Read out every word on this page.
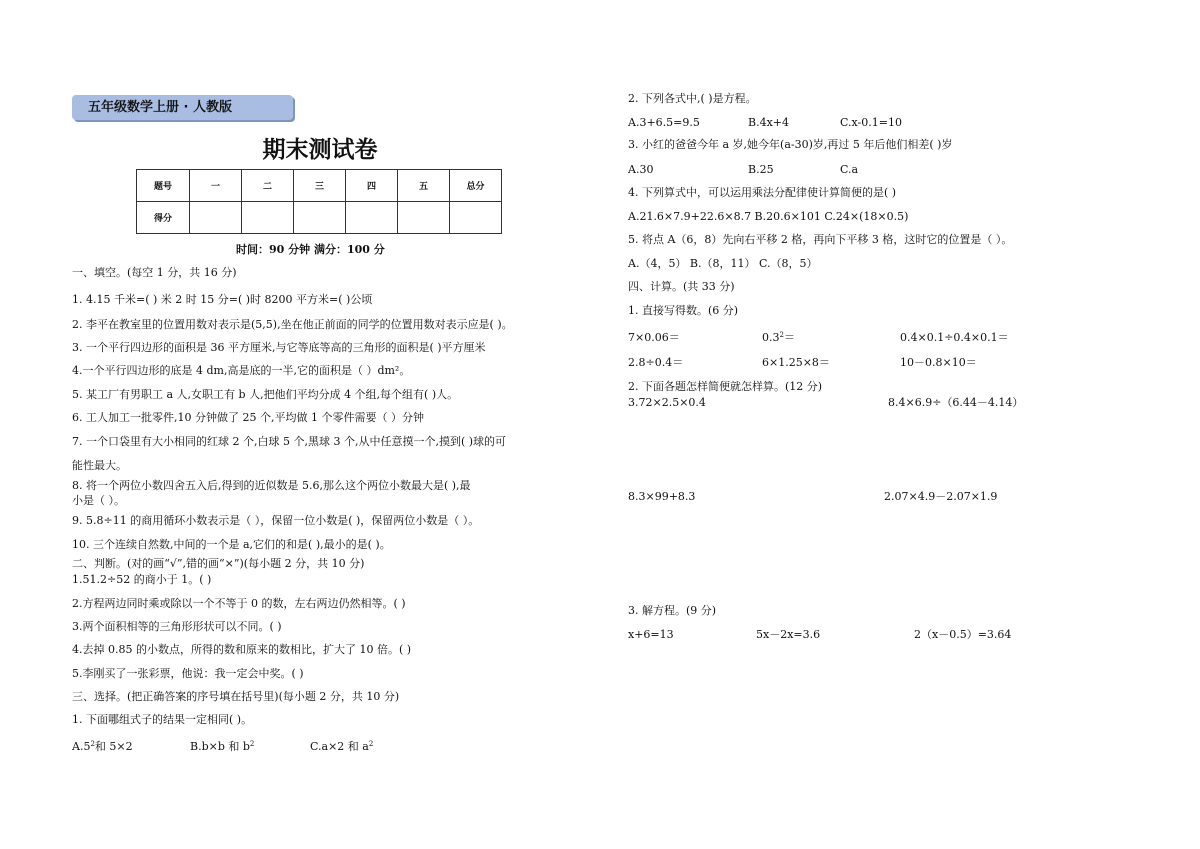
五年级数学上册 · 人教版
期末测试卷
题号	一	二	三	四	五	总分
得分						
时间：90 分钟 满分：100 分
一、填空。(每空 1 分，共 16 分)
1. 4.15 千米=( ) 米 2 时 15 分=( )时 8200 平方米=( )公顷
2. 李平在教室里的位置用数对表示是(5,5),坐在他正前面的同学的位置用数对表示应是( )。
3. 一个平行四边形的面积是 36 平方厘米,与它等底等高的三角形的面积是( )平方厘米
4.一个平行四边形的底是 4 dm,高是底的一半,它的面积是（ ）dm²。
5. 某工厂有男职工 a 人,女职工有 b 人,把他们平均分成 4 个组,每个组有( )人。
6. 工人加工一批零件,10 分钟做了 25 个,平均做 1 个零件需要（ ）分钟
7. 一个口袋里有大小相同的红球 2 个,白球 5 个,黑球 3 个,从中任意摸一个,摸到( )球的可
能性最大。
8. 将一个两位小数四舍五入后,得到的近似数是 5.6,那么这个两位小数最大是( ),最
小是（ ）。
9. 5.8÷11 的商用循环小数表示是（ ），保留一位小数是( )，保留两位小数是（ ）。
10. 三个连续自然数,中间的一个是 a,它们的和是( ),最小的是( )。
二、判断。(对的画“√”,错的画“×”)(每小题 2 分，共 10 分)
1.51.2÷52 的商小于 1。( )
2.方程两边同时乘或除以一个不等于 0 的数，左右两边仍然相等。( )
3.两个面积相等的三角形形状可以不同。( )
4.去掉 0.85 的小数点，所得的数和原来的数相比，扩大了 10 倍。( )
5.李刚买了一张彩票，他说：我一定会中奖。( )
三、选择。(把正确答案的序号填在括号里)(每小题 2 分，共 10 分)
1. 下面哪组式子的结果一定相同( )。
$A.5^2$和 5×2	B.b×b 和 $b^2$	C.a×2 和 $a^2$
2. 下列各式中,( )是方程。
A.3+6.5=9.5	B.4x+4	C.x-0.1=10
3. 小红的爸爸今年 a 岁,她今年(a-30)岁,再过 5 年后他们相差( )岁
A.30	B.25	C.a
4. 下列算式中，可以运用乘法分配律使计算简便的是( )
A.21.6×7.9+22.6×8.7 B.20.6×101 C.24×(18×0.5)
5. 将点 A（6，8）先向右平移 2 格，再向下平移 3 格，这时它的位置是（ ）。
A.（4，5） B.（8，11） C.（8，5）
四、计算。(共 33 分)
1. 直接写得数。(6 分)
7×0.06＝	$0.3^2=$	0.4×0.1÷0.4×0.1＝
2.8÷0.4＝	6×1.25×8＝	10－0.8×10＝
2. 下面各题怎样简便就怎样算。(12 分)
3.72×2.5×0.4	8.4×6.9÷（6.44－4.14）
8.3×99+8.3	2.07×4.9－2.07×1.9
3. 解方程。(9 分)
x+6=13	5x－2x=3.6	2（x－0.5）=3.64
